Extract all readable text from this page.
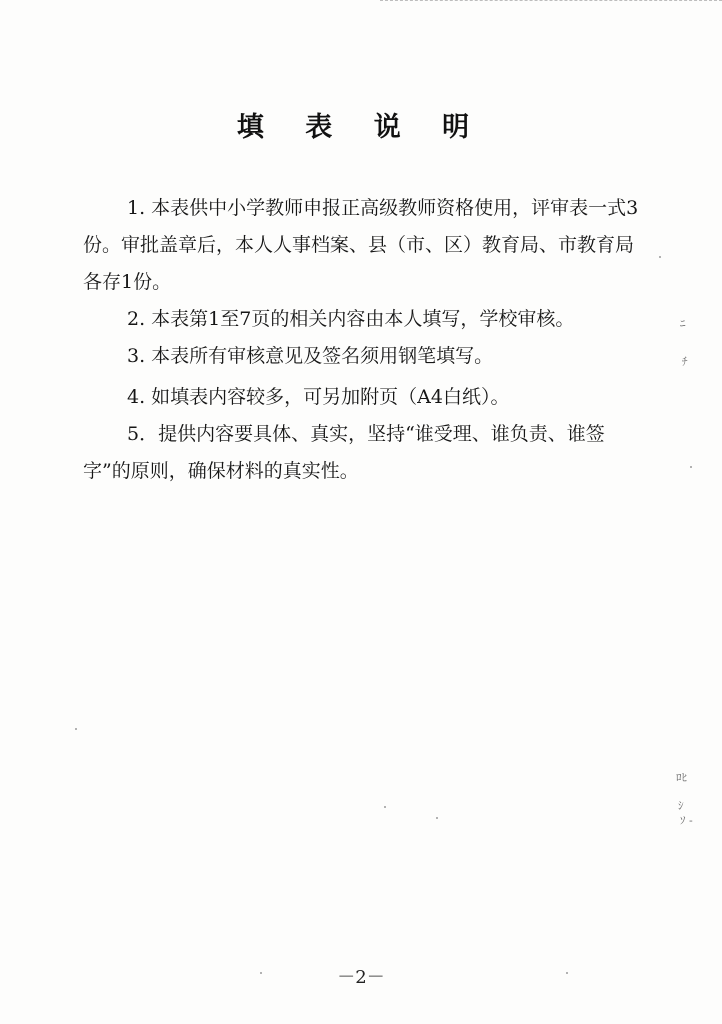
填 表 说 明

1. 本表供中小学教师申报正高级教师资格使用，评审表一式3份。审批盖章后，本人人事档案、县（市、区）教育局、市教育局各存1份。

2. 本表第1至7页的相关内容由本人填写，学校审核。

3. 本表所有审核意见及签名须用钢笔填写。

4. 如填表内容较多，可另加附页（A4白纸）。

5．提供内容要具体、真实，坚持“谁受理、谁负责、谁签字”的原则，确保材料的真实性。

－2－
ﾆ
ﾁ
ﾛﾋ
ｼ
ｿ -
